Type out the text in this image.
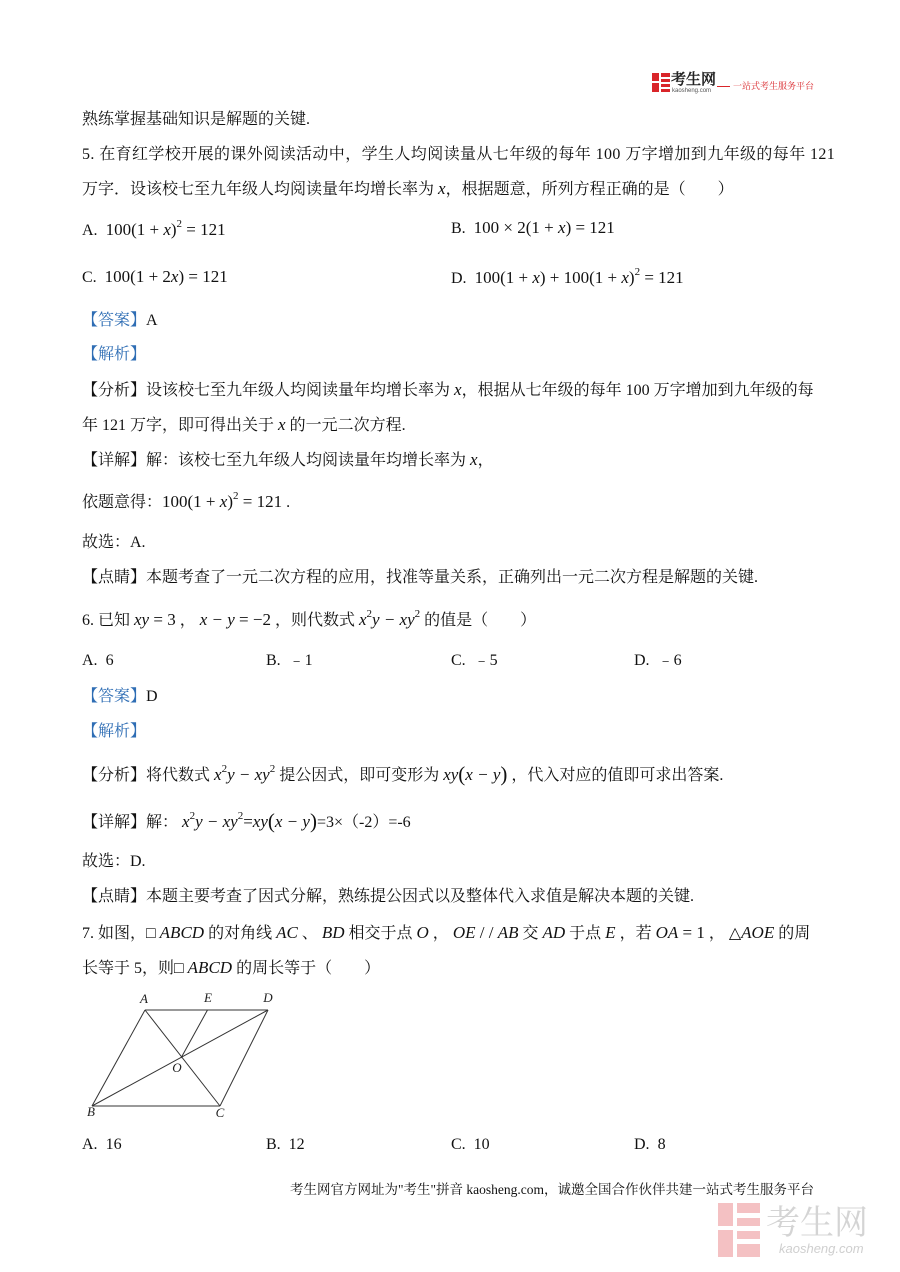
考生网
kaosheng.com 一站式考生服务平台
熟练掌握基础知识是解题的关键.
5. 在育红学校开展的课外阅读活动中，学生人均阅读量从七年级的每年 100 万字增加到九年级的每年 121
万字．设该校七至九年级人均阅读量年均增长率为 x，根据题意，所列方程正确的是（　　）
A. $100(1 + x)^2 = 121$	B. 100 × 2(1 + x) = 121
C. 100(1 + 2x) = 121	D. $100(1 + x) + 100(1 + x)^2 = 121$
【答案】A
【解析】
【分析】设该校七至九年级人均阅读量年均增长率为 x，根据从七年级的每年 100 万字增加到九年级的每
年 121 万字，即可得出关于 x 的一元二次方程.
【详解】解：该校七至九年级人均阅读量年均增长率为 x，
依题意得：$100(1 + x)^2 = 121$ .
故选：A.
【点睛】本题考查了一元二次方程的应用，找准等量关系，正确列出一元二次方程是解题的关键.
6. 已知 xy = 3 ， x − y = −2 ，则代数式 $x^2y - xy^2$ 的值是（　　）
A. 6	B. ﹣1	C. ﹣5	D. ﹣6
【答案】D
【解析】
【分析】将代数式 $x^2y - xy^2$ 提公因式，即可变形为 xy(x − y) ，代入对应的值即可求出答案.
【详解】解： $x^2y - xy^2=xy(x - y)=3\times(-2)=-6$
故选：D.
【点睛】本题主要考查了因式分解，熟练提公因式以及整体代入求值是解决本题的关键.
7. 如图，□ ABCD 的对角线 AC 、 BD 相交于点 O ， OE / / AB 交 AD 于点 E ，若 OA = 1 ， △AOE 的周
长等于 5，则□ ABCD 的周长等于（　　）
A	E	D
O
B	C
A. 16	B. 12	C. 10	D. 8
考生网官方网址为"考生"拼音 kaosheng.com，诚邀全国合作伙伴共建一站式考生服务平台
考生网
kaosheng.com
